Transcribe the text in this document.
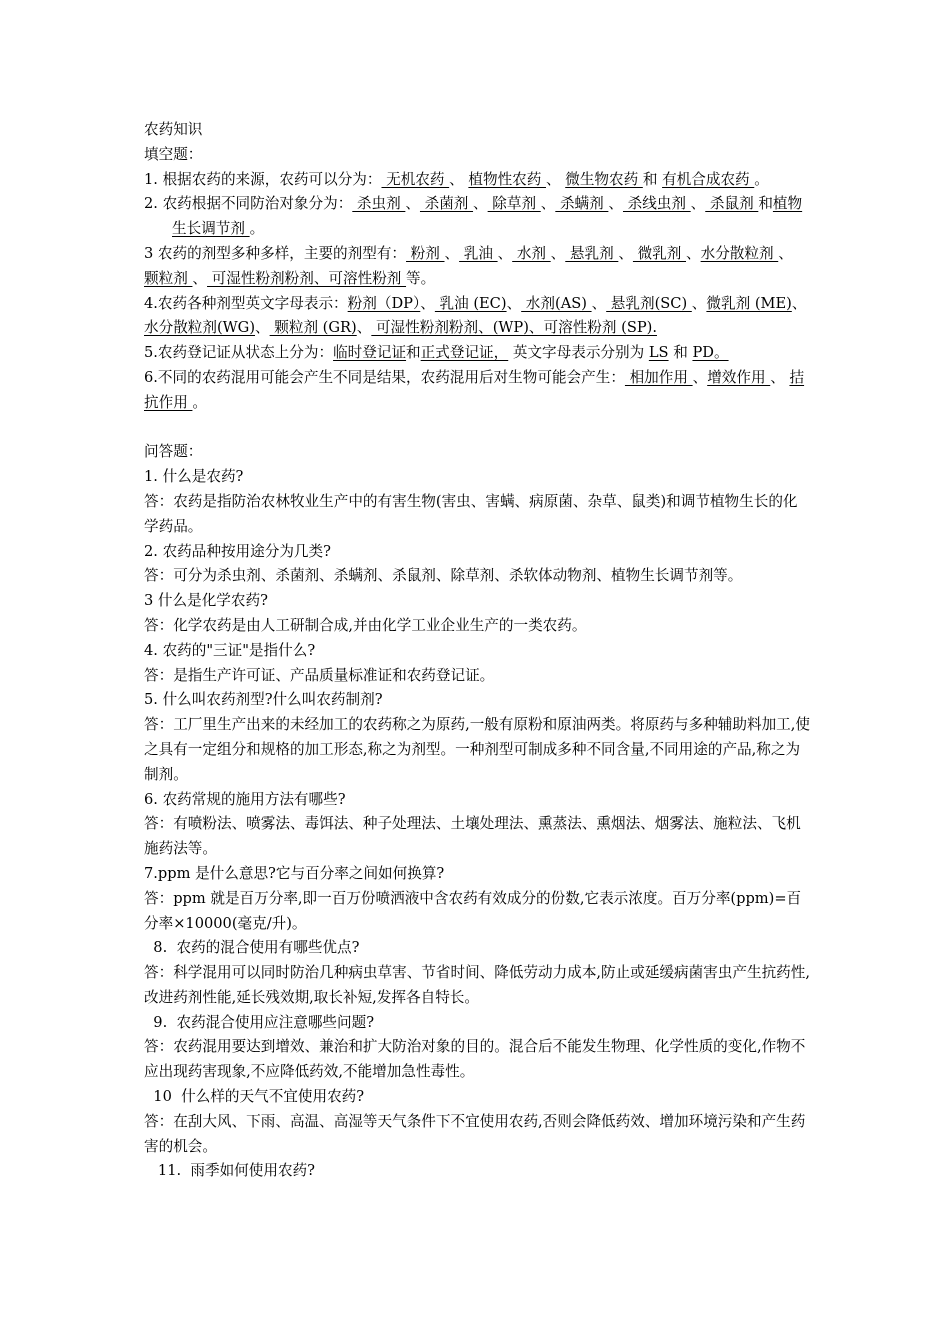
农药知识
填空题：
1. 根据农药的来源，农药可以分为： 无机农药 、 植物性农药 、 微生物农药 和 有机合成农药 。
2. 农药根据不同防治对象分为： 杀虫剂 、 杀菌剂 、 除草剂 、 杀螨剂 、 杀线虫剂 、 杀鼠剂 和植物生长调节剂 。
3 农药的剂型多种多样，主要的剂型有： 粉剂 、 乳油 、 水剂 、 悬乳剂 、 微乳剂 、水分散粒剂 、 颗粒剂 、 可湿性粉剂粉剂、可溶性粉剂 等。
4.农药各种剂型英文字母表示：粉剂（DP）、 乳油 (EC)、 水剂(AS) 、 悬乳剂(SC) 、微乳剂 (ME)、水分散粒剂(WG)、 颗粒剂 (GR)、 可湿性粉剂粉剂、(WP)、可溶性粉剂 (SP).
5.农药登记证从状态上分为：临时登记证和正式登记证， 英文字母表示分别为 LS 和 PD。
6.不同的农药混用可能会产生不同是结果，农药混用后对生物可能会产生： 相加作用 、增效作用 、 拮抗作用 。
问答题：
1. 什么是农药?
答：农药是指防治农林牧业生产中的有害生物(害虫、害螨、病原菌、杂草、鼠类)和调节植物生长的化学药品。
2. 农药品种按用途分为几类?
答：可分为杀虫剂、杀菌剂、杀螨剂、杀鼠剂、除草剂、杀软体动物剂、植物生长调节剂等。
3 什么是化学农药?
答：化学农药是由人工研制合成,并由化学工业企业生产的一类农药。
4. 农药的"三证"是指什么?
答：是指生产许可证、产品质量标准证和农药登记证。
5. 什么叫农药剂型?什么叫农药制剂?
答：工厂里生产出来的未经加工的农药称之为原药,一般有原粉和原油两类。将原药与多种辅助料加工,使之具有一定组分和规格的加工形态,称之为剂型。一种剂型可制成多种不同含量,不同用途的产品,称之为制剂。
6. 农药常规的施用方法有哪些?
答：有喷粉法、喷雾法、毒饵法、种子处理法、土壤处理法、熏蒸法、熏烟法、烟雾法、施粒法、飞机施药法等。
7.ppm 是什么意思?它与百分率之间如何换算?
答：ppm 就是百万分率,即一百万份喷洒液中含农药有效成分的份数,它表示浓度。百万分率(ppm)=百分率×10000(毫克/升)。
8.  农药的混合使用有哪些优点?
答：科学混用可以同时防治几种病虫草害、节省时间、降低劳动力成本,防止或延缓病菌害虫产生抗药性,改进药剂性能,延长残效期,取长补短,发挥各自特长。
9.  农药混合使用应注意哪些问题?
答：农药混用要达到增效、兼治和扩大防治对象的目的。混合后不能发生物理、化学性质的变化,作物不应出现药害现象,不应降低药效,不能增加急性毒性。
10  什么样的天气不宜使用农药?
答：在刮大风、下雨、高温、高湿等天气条件下不宜使用农药,否则会降低药效、增加环境污染和产生药害的机会。
11.  雨季如何使用农药?
